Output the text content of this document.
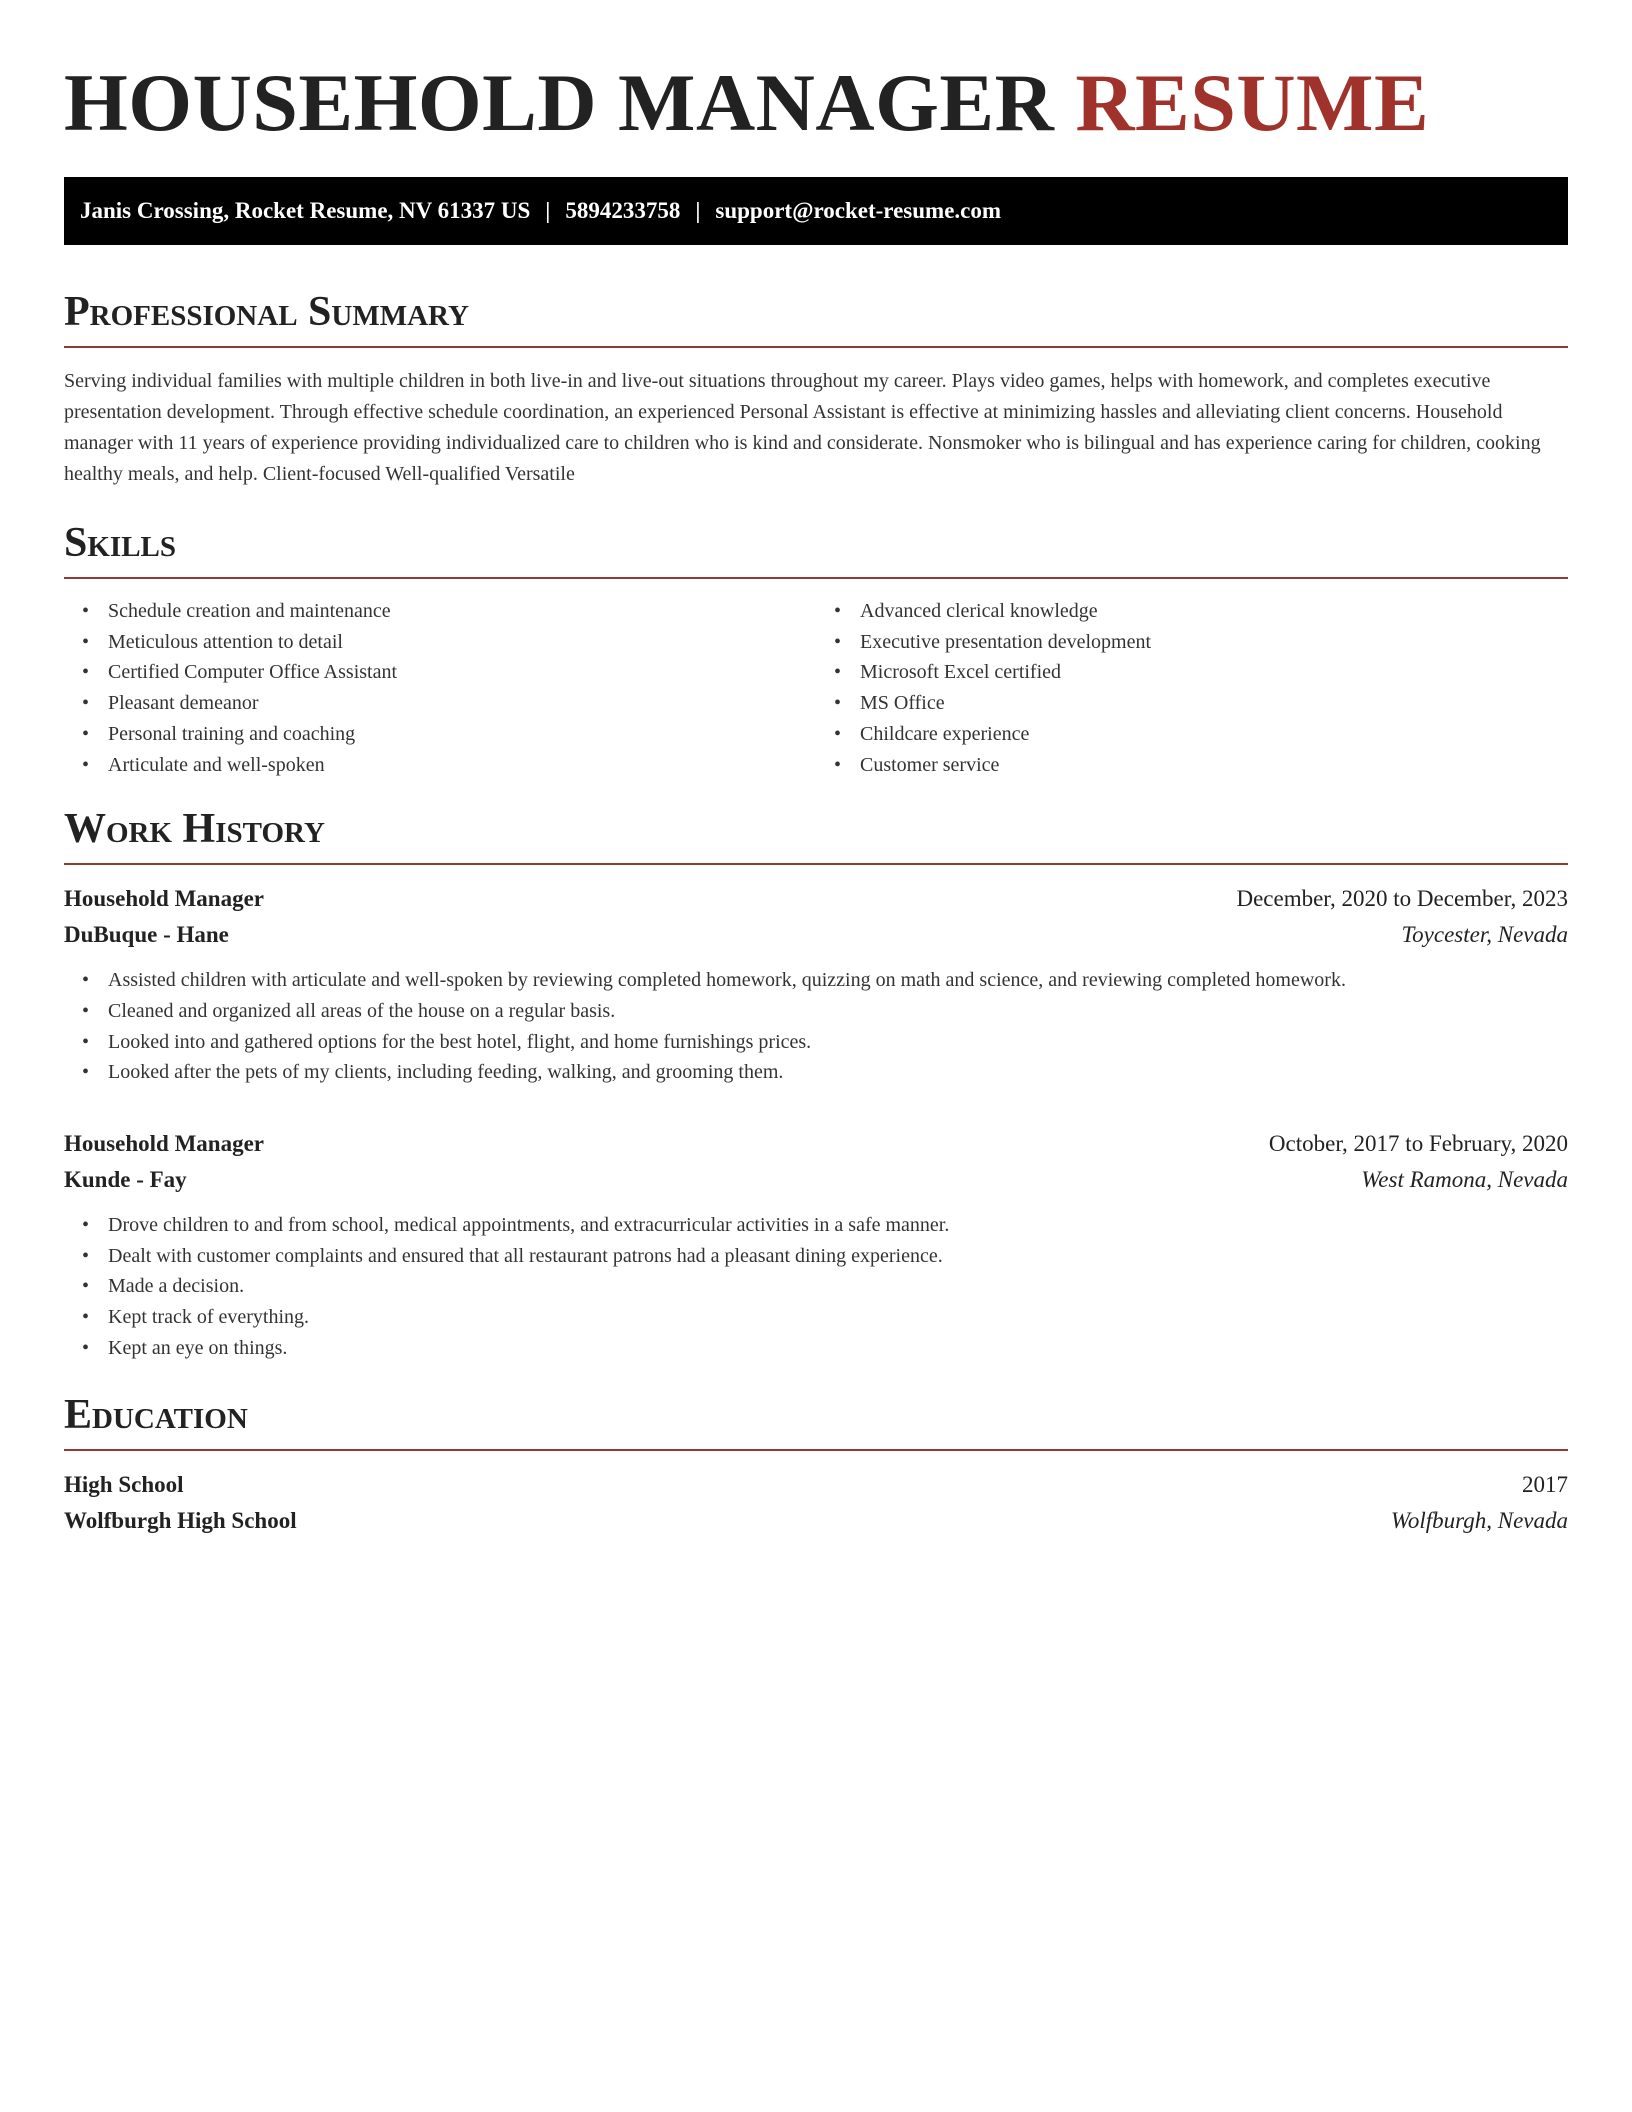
HOUSEHOLD MANAGER RESUME
Janis Crossing, Rocket Resume, NV 61337 US | 5894233758 | support@rocket-resume.com
Professional Summary

Serving individual families with multiple children in both live-in and live-out situations throughout my career. Plays video games, helps with homework, and completes executive presentation development. Through effective schedule coordination, an experienced Personal Assistant is effective at minimizing hassles and alleviating client concerns. Household manager with 11 years of experience providing individualized care to children who is kind and considerate. Nonsmoker who is bilingual and has experience caring for children, cooking healthy meals, and help. Client-focused Well-qualified Versatile

Skills
• Schedule creation and maintenance
• Meticulous attention to detail
• Certified Computer Office Assistant
• Pleasant demeanor
• Personal training and coaching
• Articulate and well-spoken
• Advanced clerical knowledge
• Executive presentation development
• Microsoft Excel certified
• MS Office
• Childcare experience
• Customer service
Work History
Household Manager	December, 2020 to December, 2023
DuBuque - Hane	Toycester, Nevada
• Assisted children with articulate and well-spoken by reviewing completed homework, quizzing on math and science, and reviewing completed homework.
• Cleaned and organized all areas of the house on a regular basis.
• Looked into and gathered options for the best hotel, flight, and home furnishings prices.
• Looked after the pets of my clients, including feeding, walking, and grooming them.
Household Manager	October, 2017 to February, 2020
Kunde - Fay	West Ramona, Nevada
• Drove children to and from school, medical appointments, and extracurricular activities in a safe manner.
• Dealt with customer complaints and ensured that all restaurant patrons had a pleasant dining experience.
• Made a decision.
• Kept track of everything.
• Kept an eye on things.
Education
High School	2017
Wolfburgh High School	Wolfburgh, Nevada
